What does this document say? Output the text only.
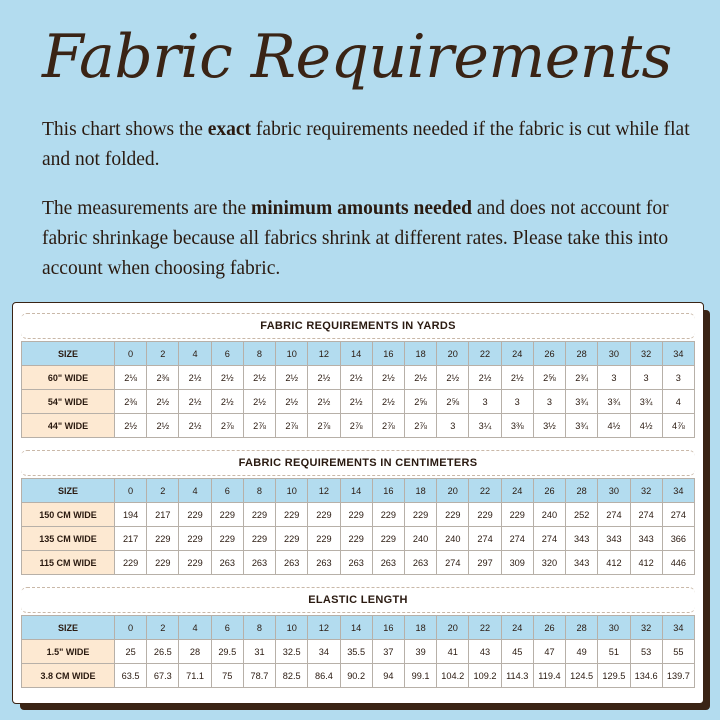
Fabric Requirements

This chart shows the exact fabric requirements needed if the fabric is cut while flat and not folded.

The measurements are the minimum amounts needed and does not account for fabric shrinkage because all fabrics shrink at different rates. Please take this into account when choosing fabric.

FABRIC REQUIREMENTS IN YARDS
SIZE	0	2	4	6	8	10	12	14	16	18	20	22	24	26	28	30	32	34
60" WIDE	2⅛	2⅜	2½	2½	2½	2½	2½	2½	2½	2½	2½	2½	2½	2⅝	2¾	3	3	3
54" WIDE	2⅜	2½	2½	2½	2½	2½	2½	2½	2½	2⅝	2⅝	3	3	3	3¾	3¾	3¾	4
44" WIDE	2½	2½	2½	2⅞	2⅞	2⅞	2⅞	2⅞	2⅞	2⅞	3	3¼	3⅜	3½	3¾	4½	4½	4⅞
FABRIC REQUIREMENTS IN CENTIMETERS
SIZE	0	2	4	6	8	10	12	14	16	18	20	22	24	26	28	30	32	34
150 CM WIDE	194	217	229	229	229	229	229	229	229	229	229	229	229	240	252	274	274	274
135 CM WIDE	217	229	229	229	229	229	229	229	229	240	240	274	274	274	343	343	343	366
115 CM WIDE	229	229	229	263	263	263	263	263	263	263	274	297	309	320	343	412	412	446
ELASTIC LENGTH
SIZE	0	2	4	6	8	10	12	14	16	18	20	22	24	26	28	30	32	34
1.5" WIDE	25	26.5	28	29.5	31	32.5	34	35.5	37	39	41	43	45	47	49	51	53	55
3.8 CM WIDE	63.5	67.3	71.1	75	78.7	82.5	86.4	90.2	94	99.1	104.2	109.2	114.3	119.4	124.5	129.5	134.6	139.7
